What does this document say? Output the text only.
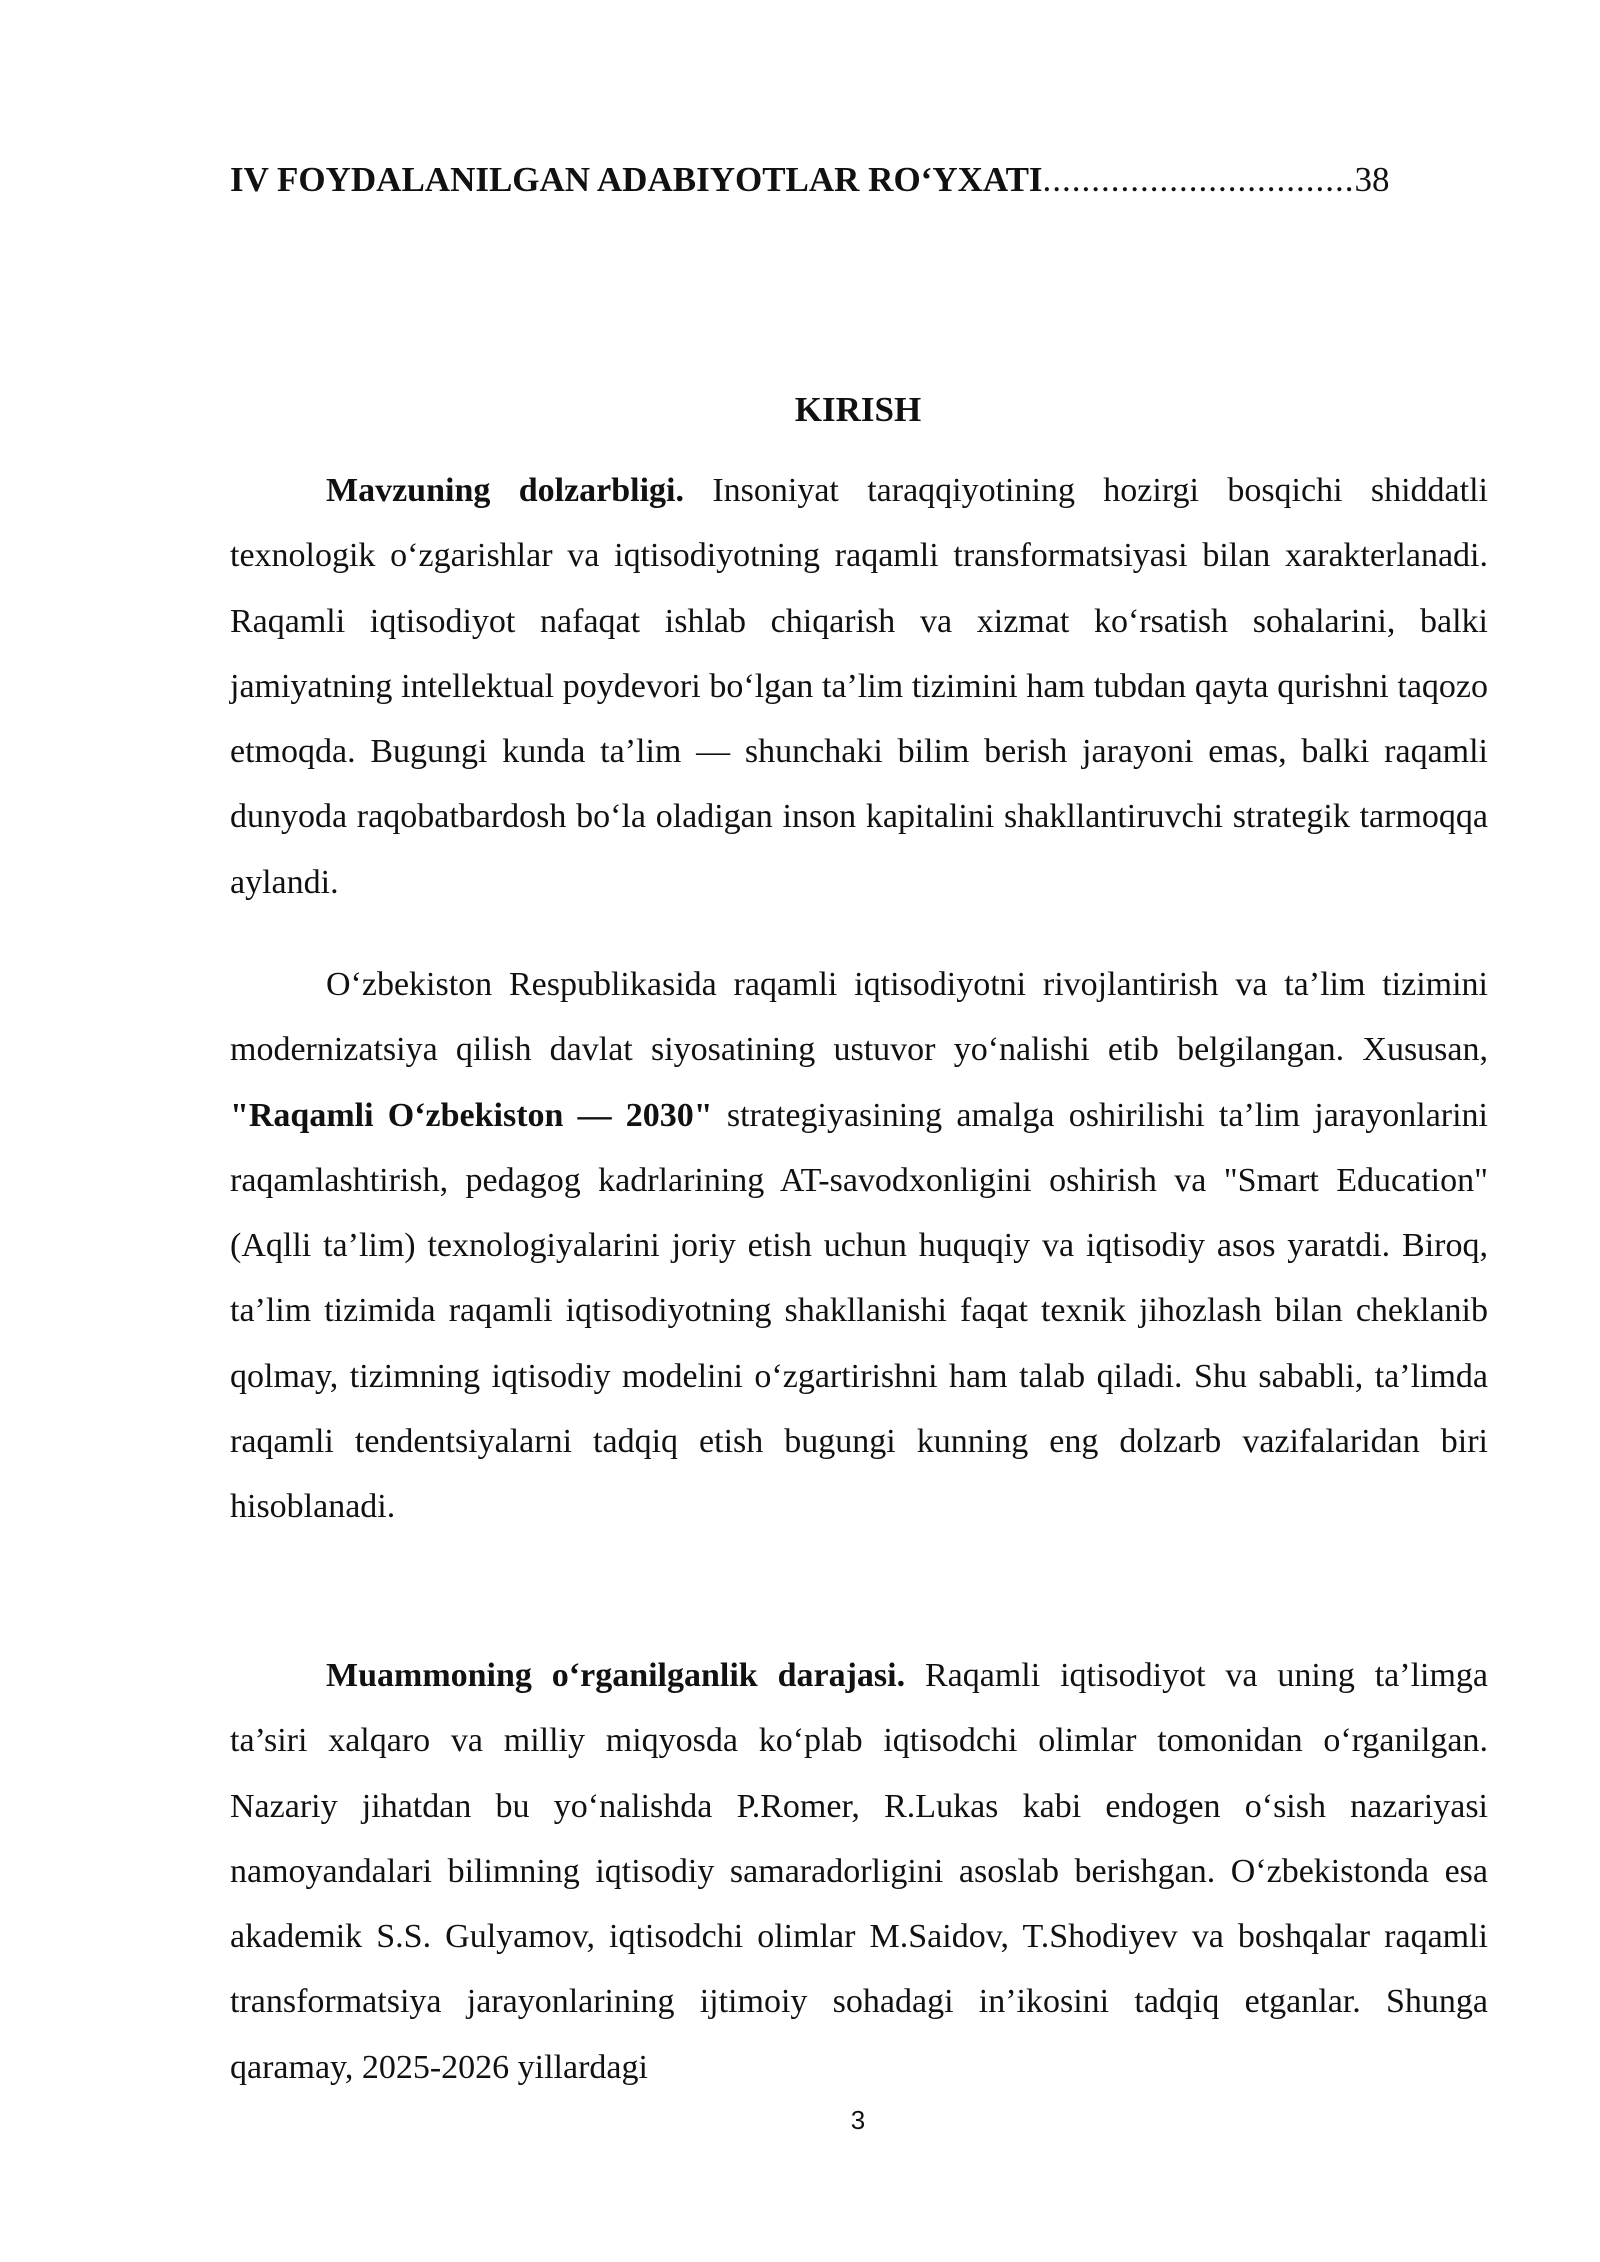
IV FOYDALANILGAN ADABIYOTLAR RO‘YXATI................................38
KIRISH

Mavzuning dolzarbligi. Insoniyat taraqqiyotining hozirgi bosqichi shiddatli texnologik o‘zgarishlar va iqtisodiyotning raqamli transformatsiyasi bilan xarakterlanadi. Raqamli iqtisodiyot nafaqat ishlab chiqarish va xizmat ko‘rsatish sohalarini, balki jamiyatning intellektual poydevori bo‘lgan ta’lim tizimini ham tubdan qayta qurishni taqozo etmoqda. Bugungi kunda ta’lim — shunchaki bilim berish jarayoni emas, balki raqamli dunyoda raqobatbardosh bo‘la oladigan inson kapitalini shakllantiruvchi strategik tarmoqqa aylandi.

O‘zbekiston Respublikasida raqamli iqtisodiyotni rivojlantirish va ta’lim tizimini modernizatsiya qilish davlat siyosatining ustuvor yo‘nalishi etib belgilangan. Xususan, "Raqamli O‘zbekiston — 2030" strategiyasining amalga oshirilishi ta’lim jarayonlarini raqamlashtirish, pedagog kadrlarining AT-savodxonligini oshirish va "Smart Education" (Aqlli ta’lim) texnologiyalarini joriy etish uchun huquqiy va iqtisodiy asos yaratdi. Biroq, ta’lim tizimida raqamli iqtisodiyotning shakllanishi faqat texnik jihozlash bilan cheklanib qolmay, tizimning iqtisodiy modelini o‘zgartirishni ham talab qiladi. Shu sababli, ta’limda raqamli tendentsiyalarni tadqiq etish bugungi kunning eng dolzarb vazifalaridan biri hisoblanadi.

Muammoning o‘rganilganlik darajasi. Raqamli iqtisodiyot va uning ta’limga ta’siri xalqaro va milliy miqyosda ko‘plab iqtisodchi olimlar tomonidan o‘rganilgan. Nazariy jihatdan bu yo‘nalishda P.Romer, R.Lukas kabi endogen o‘sish nazariyasi namoyandalari bilimning iqtisodiy samaradorligini asoslab berishgan. O‘zbekistonda esa akademik S.S. Gulyamov, iqtisodchi olimlar M.Saidov, T.Shodiyev va boshqalar raqamli transformatsiya jarayonlarining ijtimoiy sohadagi in’ikosini tadqiq etganlar. Shunga qaramay, 2025-2026 yillardagi

3
